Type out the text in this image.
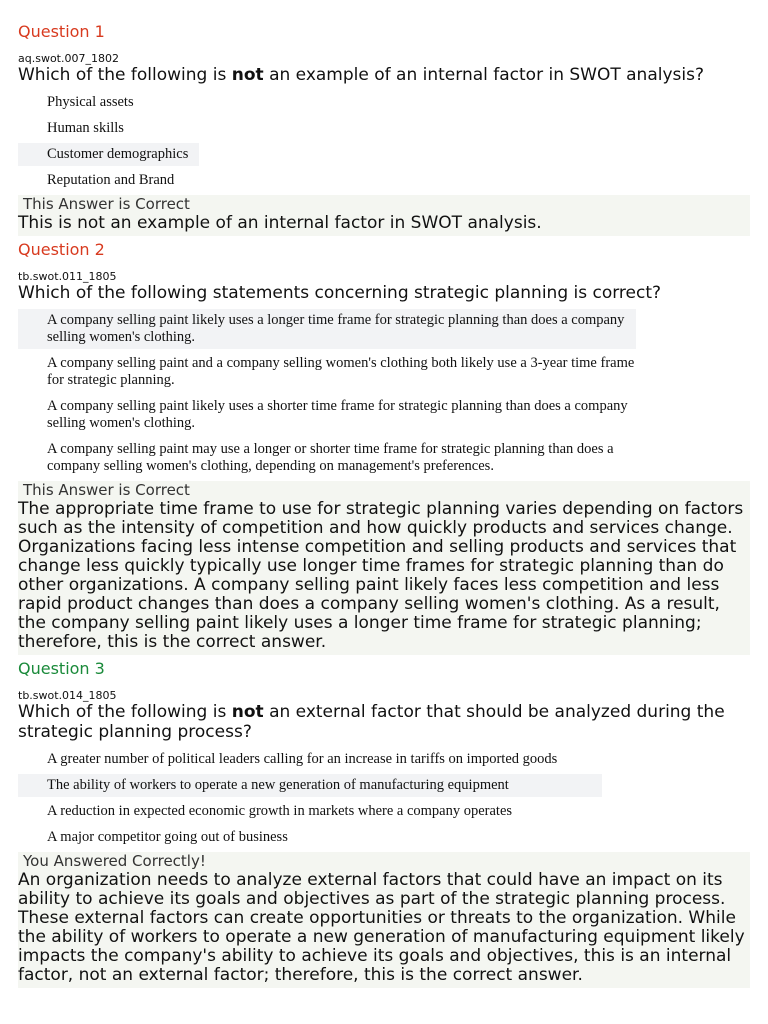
Question 1

aq.swot.007_1802

Which of the following is not an example of an internal factor in SWOT analysis?

Physical assets
Human skills
Customer demographics
Reputation and Brand
This Answer is Correct
This is not an example of an internal factor in SWOT analysis.
Question 2

tb.swot.011_1805

Which of the following statements concerning strategic planning is correct?

A company selling paint likely uses a longer time frame for strategic planning than does a company selling women's clothing.
A company selling paint and a company selling women's clothing both likely use a 3-year time frame for strategic planning.
A company selling paint likely uses a shorter time frame for strategic planning than does a company selling women's clothing.
A company selling paint may use a longer or shorter time frame for strategic planning than does a company selling women's clothing, depending on management's preferences.
This Answer is Correct
The appropriate time frame to use for strategic planning varies depending on factors such as the intensity of competition and how quickly products and services change. Organizations facing less intense competition and selling products and services that change less quickly typically use longer time frames for strategic planning than do other organizations. A company selling paint likely faces less competition and less rapid product changes than does a company selling women's clothing. As a result, the company selling paint likely uses a longer time frame for strategic planning; therefore, this is the correct answer.
Question 3

tb.swot.014_1805

Which of the following is not an external factor that should be analyzed during the strategic planning process?

A greater number of political leaders calling for an increase in tariffs on imported goods
The ability of workers to operate a new generation of manufacturing equipment
A reduction in expected economic growth in markets where a company operates
A major competitor going out of business
You Answered Correctly!
An organization needs to analyze external factors that could have an impact on its ability to achieve its goals and objectives as part of the strategic planning process. These external factors can create opportunities or threats to the organization. While the ability of workers to operate a new generation of manufacturing equipment likely impacts the company's ability to achieve its goals and objectives, this is an internal factor, not an external factor; therefore, this is the correct answer.
